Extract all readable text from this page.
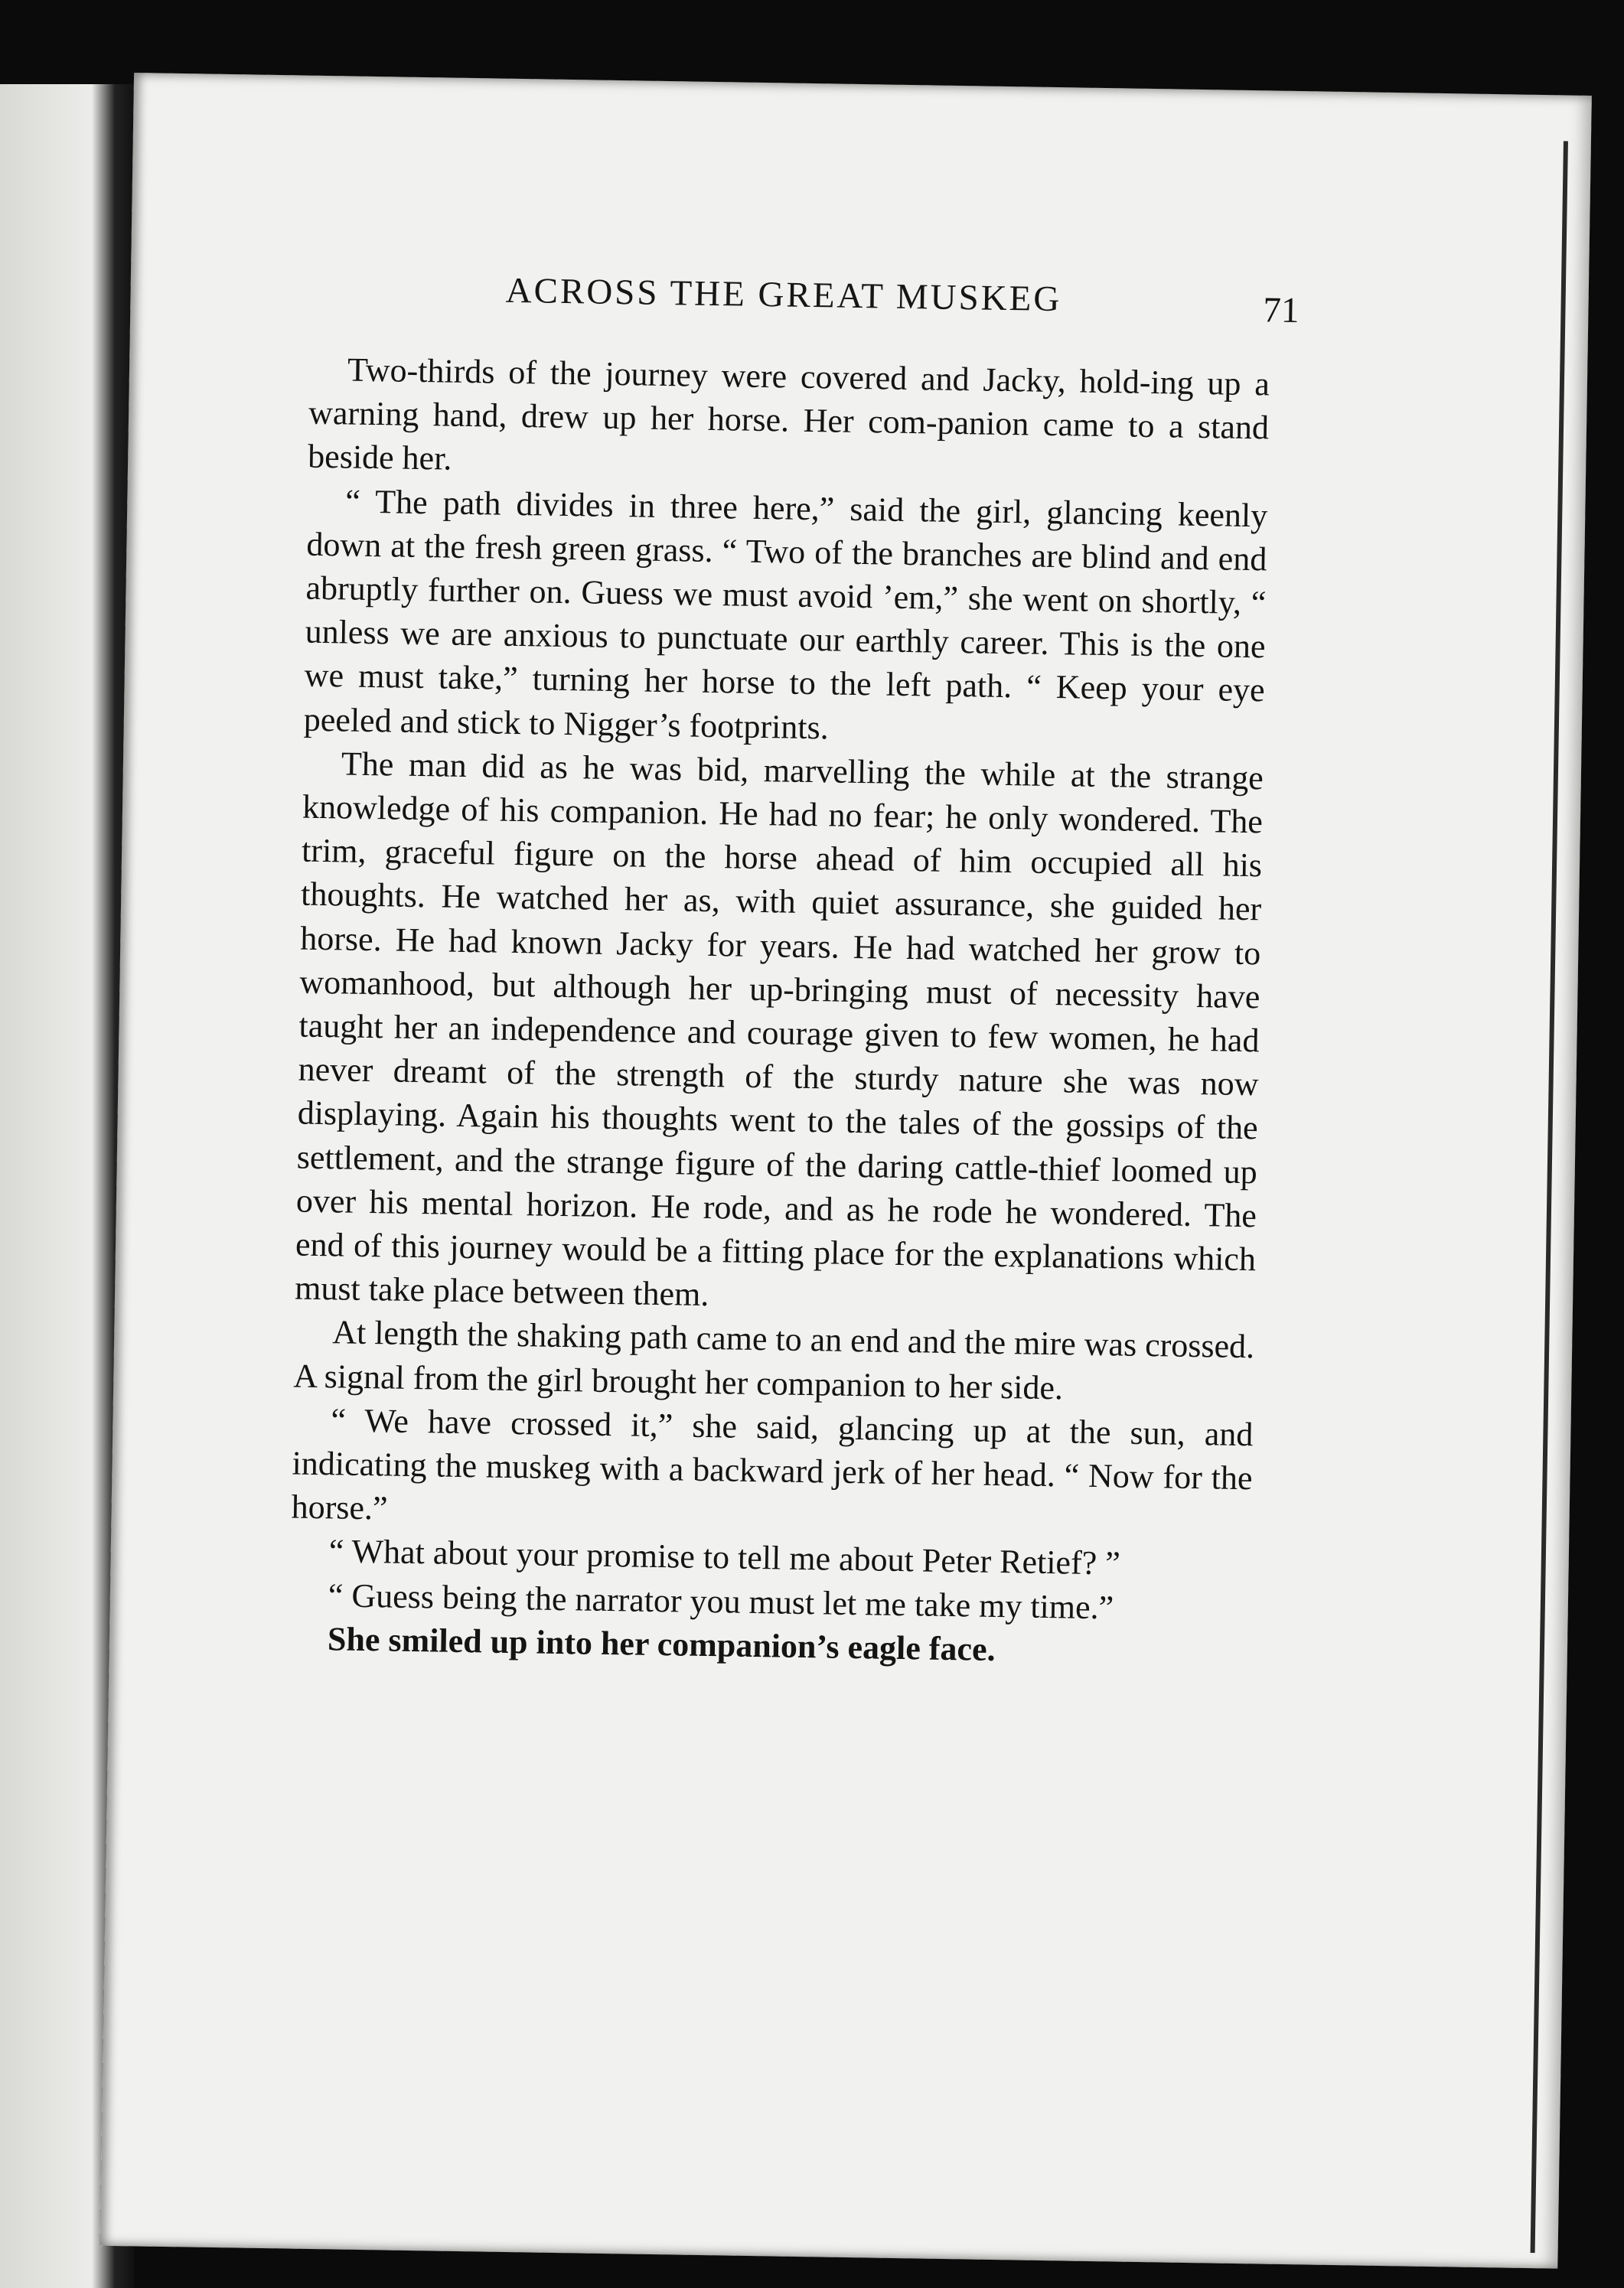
ACROSS THE GREAT MUSKEG	71

Two-thirds of the journey were covered and Jacky, hold-ing up a warning hand, drew up her horse. Her com-panion came to a stand beside her.

“ The path divides in three here,” said the girl, glancing keenly down at the fresh green grass. “ Two of the branches are blind and end abruptly further on. Guess we must avoid ’em,” she went on shortly, “ unless we are anxious to punctuate our earthly career. This is the one we must take,” turning her horse to the left path. “ Keep your eye peeled and stick to Nigger’s footprints.

The man did as he was bid, marvelling the while at the strange knowledge of his companion. He had no fear; he only wondered. The trim, graceful figure on the horse ahead of him occupied all his thoughts. He watched her as, with quiet assurance, she guided her horse. He had known Jacky for years. He had watched her grow to womanhood, but although her up-bringing must of necessity have taught her an independence and courage given to few women, he had never dreamt of the strength of the sturdy nature she was now displaying. Again his thoughts went to the tales of the gossips of the settlement, and the strange figure of the daring cattle-thief loomed up over his mental horizon. He rode, and as he rode he wondered. The end of this journey would be a fitting place for the explanations which must take place between them.

At length the shaking path came to an end and the mire was crossed. A signal from the girl brought her companion to her side.

“ We have crossed it,” she said, glancing up at the sun, and indicating the muskeg with a backward jerk of her head. “ Now for the horse.”

“ What about your promise to tell me about Peter Retief? ”

“ Guess being the narrator you must let me take my time.”

She smiled up into her companion’s eagle face.
